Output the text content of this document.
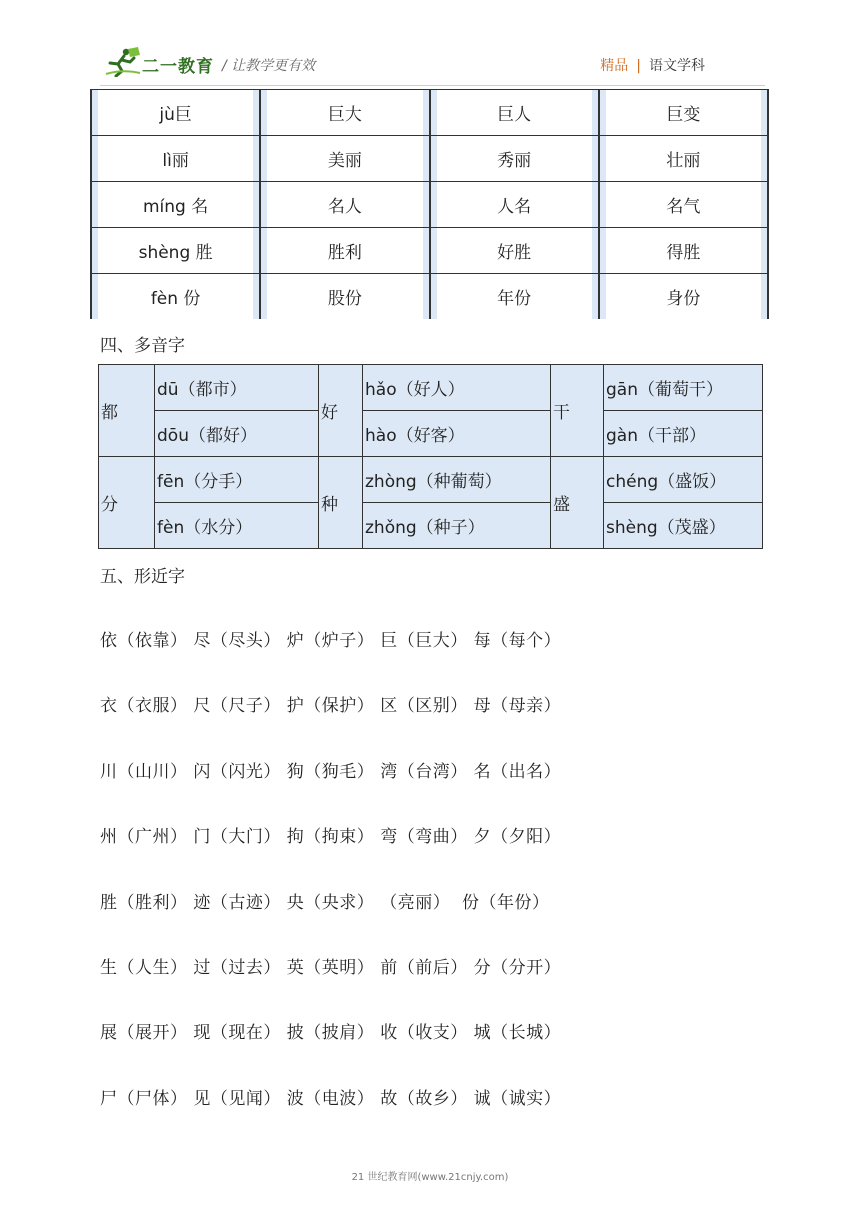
二一教育 / 让教学更有效	精品 | 语文学科
jù巨	巨大	巨人	巨变
lì丽	美丽	秀丽	壮丽
míng 名	名人	人名	名气
shèng 胜	胜利	好胜	得胜
fèn 份	股份	年份	身份
四、多音字
都	dū（都市）	好	hǎo（好人）	干	gān（葡萄干）
	dōu（都好）		hào（好客）		gàn（干部）
分	fēn（分手）	种	zhòng（种葡萄）	盛	chéng（盛饭）
	fèn（水分）		zhǒng（种子）		shèng（茂盛）
五、形近字
依（依靠） 尽（尽头） 炉（炉子） 巨（巨大） 每（每个）
衣（衣服） 尺（尺子） 护（保护） 区（区别） 母（母亲）
川（山川） 闪（闪光） 狗（狗毛） 湾（台湾） 名（出名）
州（广州） 门（大门） 拘（拘束） 弯（弯曲） 夕（夕阳）
胜（胜利） 迹（古迹） 央（央求） （亮丽）  份（年份）
生（人生） 过（过去） 英（英明） 前（前后） 分（分开）
展（展开） 现（现在） 披（披肩） 收（收支） 城（长城）
尸（尸体） 见（见闻） 波（电波） 故（故乡） 诚（诚实）
21 世纪教育网(www.21cnjy.com)
